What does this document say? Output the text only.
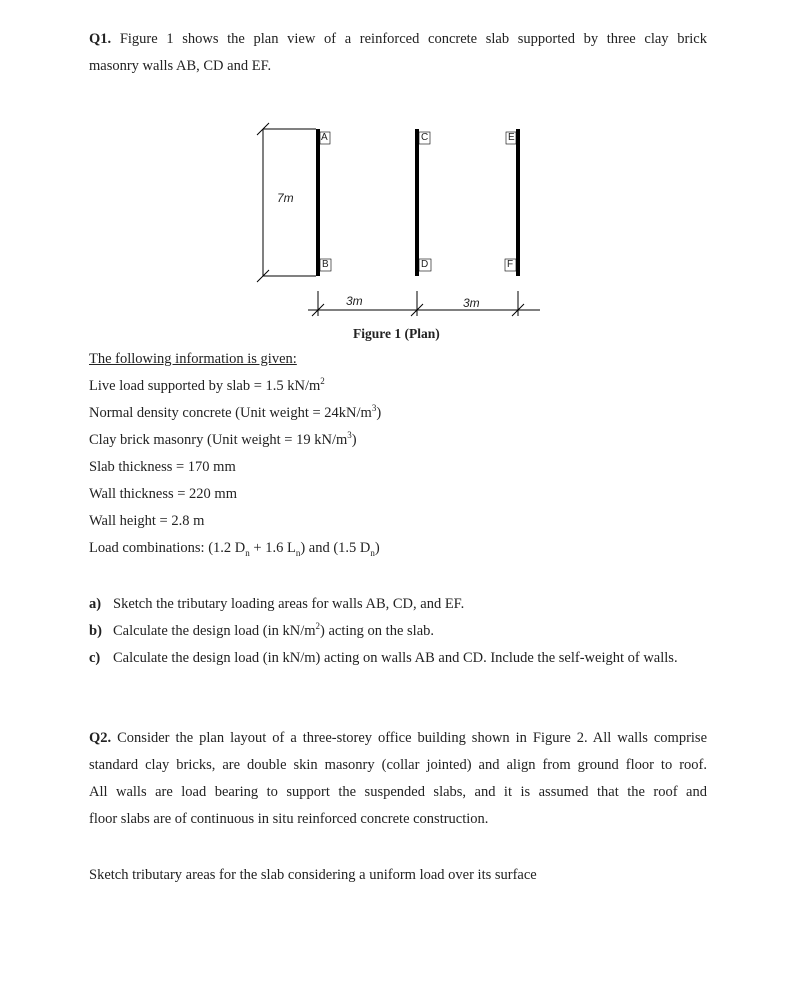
Q1. Figure 1 shows the plan view of a reinforced concrete slab supported by three clay brick
masonry walls AB, CD and EF.
A	C	E
B	D	F
7m
3m	3m
Figure 1 (Plan)
The following information is given:
Live load supported by slab = 1.5 $kN/m^2$
Normal density concrete (Unit weight = $24kN/m^3$)
Clay brick masonry (Unit weight = 19 $kN/m^3$)
Slab thickness = 170 mm
Wall thickness = 220 mm
Wall height = 2.8 m
Load combinations: (1.2 $D_n + 1.6$ $L_n$) and (1.5 $D_n$)
a) Sketch the tributary loading areas for walls AB, CD, and EF.
b) Calculate the design load (in $kN/m^2$) acting on the slab.
c) Calculate the design load (in kN/m) acting on walls AB and CD. Include the self-weight of walls.
Q2. Consider the plan layout of a three-storey office building shown in Figure 2. All walls comprise
standard clay bricks, are double skin masonry (collar jointed) and align from ground floor to roof.
All walls are load bearing to support the suspended slabs, and it is assumed that the roof and
floor slabs are of continuous in situ reinforced concrete construction.
Sketch tributary areas for the slab considering a uniform load over its surface
